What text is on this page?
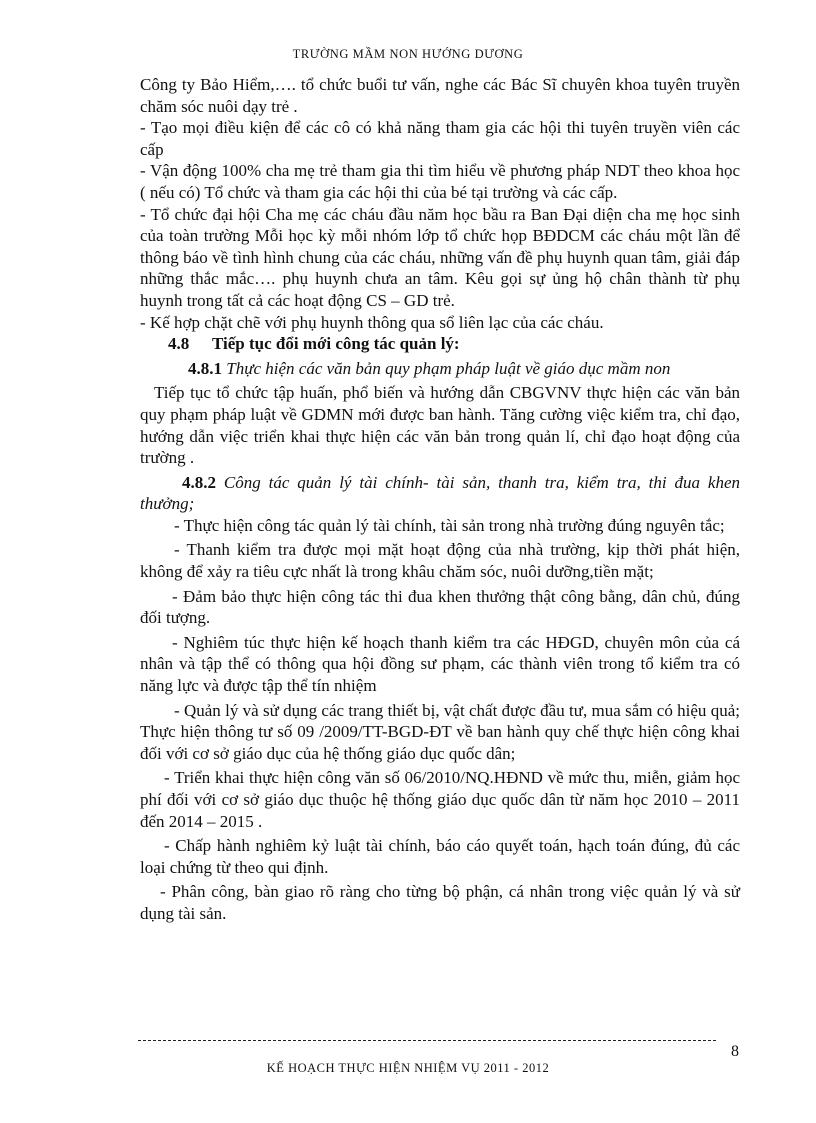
TRƯỜNG MẦM NON HƯỚNG DƯƠNG

Công ty Bảo Hiểm,…. tổ chức buổi tư vấn, nghe các Bác Sĩ chuyên khoa tuyên truyền chăm sóc nuôi dạy trẻ .

- Tạo mọi điều kiện để các cô có khả năng tham gia các hội thi tuyên truyền viên các cấp

- Vận động 100% cha mẹ trẻ tham gia thi tìm hiểu về phương pháp NDT theo khoa học ( nếu có) Tổ chức và tham gia các hội thi của bé tại trường và các cấp.

- Tổ chức đại hội Cha mẹ các cháu đầu năm học bầu ra Ban Đại diện cha mẹ học sinh của toàn trường Mỗi học kỳ mỗi nhóm lớp tổ chức họp BĐDCM các cháu một lần để thông báo về tình hình chung của các cháu, những vấn đề phụ huynh quan tâm, giải đáp những thắc mắc…. phụ huynh chưa an tâm. Kêu gọi sự ủng hộ chân thành từ phụ huynh trong tất cả các hoạt động CS – GD trẻ.

- Kế hợp chặt chẽ với phụ huynh thông qua sổ liên lạc của các cháu.

4.8 Tiếp tục đổi mới công tác quản lý:

4.8.1 Thực hiện các văn bản quy phạm pháp luật về giáo dục mầm non

Tiếp tục tổ chức tập huấn, phổ biến và hướng dẫn CBGVNV thực hiện các văn bản quy phạm pháp luật về GDMN mới được ban hành. Tăng cường việc kiểm tra, chỉ đạo, hướng dẫn việc triển khai thực hiện các văn bản trong quản lí, chỉ đạo hoạt động của trường .

4.8.2 Công tác quản lý tài chính- tài sản, thanh tra, kiểm tra, thi đua khen thưởng;

- Thực hiện công tác quản lý tài chính, tài sản trong nhà trường đúng nguyên tắc;

- Thanh kiểm tra được mọi mặt hoạt động của nhà trường, kịp thời phát hiện, không để xảy ra tiêu cực nhất là trong khâu chăm sóc, nuôi dưỡng,tiền mặt;

- Đảm bảo thực hiện công tác thi đua khen thưởng thật công bằng, dân chủ, đúng đối tượng.

- Nghiêm túc thực hiện kế hoạch thanh kiểm tra các HĐGD, chuyên môn của cá nhân và tập thể có thông qua hội đồng sư phạm, các thành viên trong tổ kiểm tra có năng lực và được tập thể tín nhiệm

- Quản lý và sử dụng các trang thiết bị, vật chất được đầu tư, mua sắm có hiệu quả; Thực hiện thông tư số 09 /2009/TT-BGD-ĐT về ban hành quy chế thực hiện công khai đối với cơ sở giáo dục của hệ thống giáo dục quốc dân;

- Triển khai thực hiện công văn số 06/2010/NQ.HĐND về mức thu, miễn, giảm học phí đối với cơ sở giáo dục thuộc hệ thống giáo dục quốc dân từ năm học 2010 – 2011 đến 2014 – 2015 .

- Chấp hành nghiêm kỷ luật tài chính, báo cáo quyết toán, hạch toán đúng, đủ các loại chứng từ theo qui định.

- Phân công, bàn giao rõ ràng cho từng bộ phận, cá nhân trong việc quản lý và sử dụng tài sản.

8
KẾ HOẠCH THỰC HIỆN NHIỆM VỤ 2011 - 2012
